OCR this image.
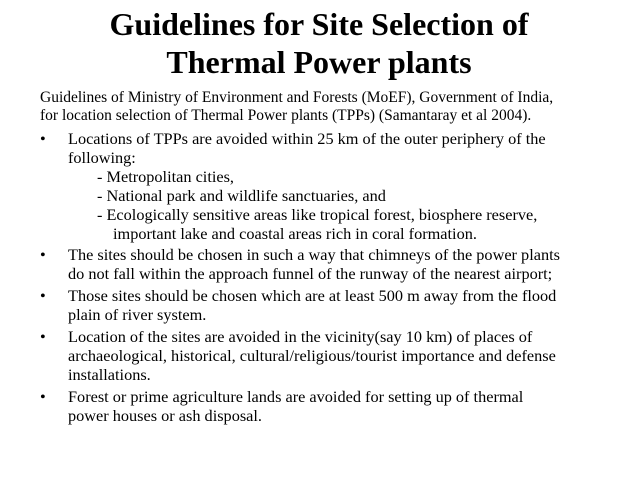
Guidelines for Site Selection of
Thermal Power plants
Guidelines of Ministry of Environment and Forests (MoEF), Government of India,
for location selection of Thermal Power plants (TPPs) (Samantaray et al 2004).
• Locations of TPPs are avoided within 25 km of the outer periphery of the
following:
- Metropolitan cities,
- National park and wildlife sanctuaries, and
- Ecologically sensitive areas like tropical forest, biosphere reserve,
important lake and coastal areas rich in coral formation.
• The sites should be chosen in such a way that chimneys of the power plants
do not fall within the approach funnel of the runway of the nearest airport;
• Those sites should be chosen which are at least 500 m away from the flood
plain of river system.
• Location of the sites are avoided in the vicinity(say 10 km) of places of
archaeological, historical, cultural/religious/tourist importance and defense
installations.
• Forest or prime agriculture lands are avoided for setting up of thermal
power houses or ash disposal.
